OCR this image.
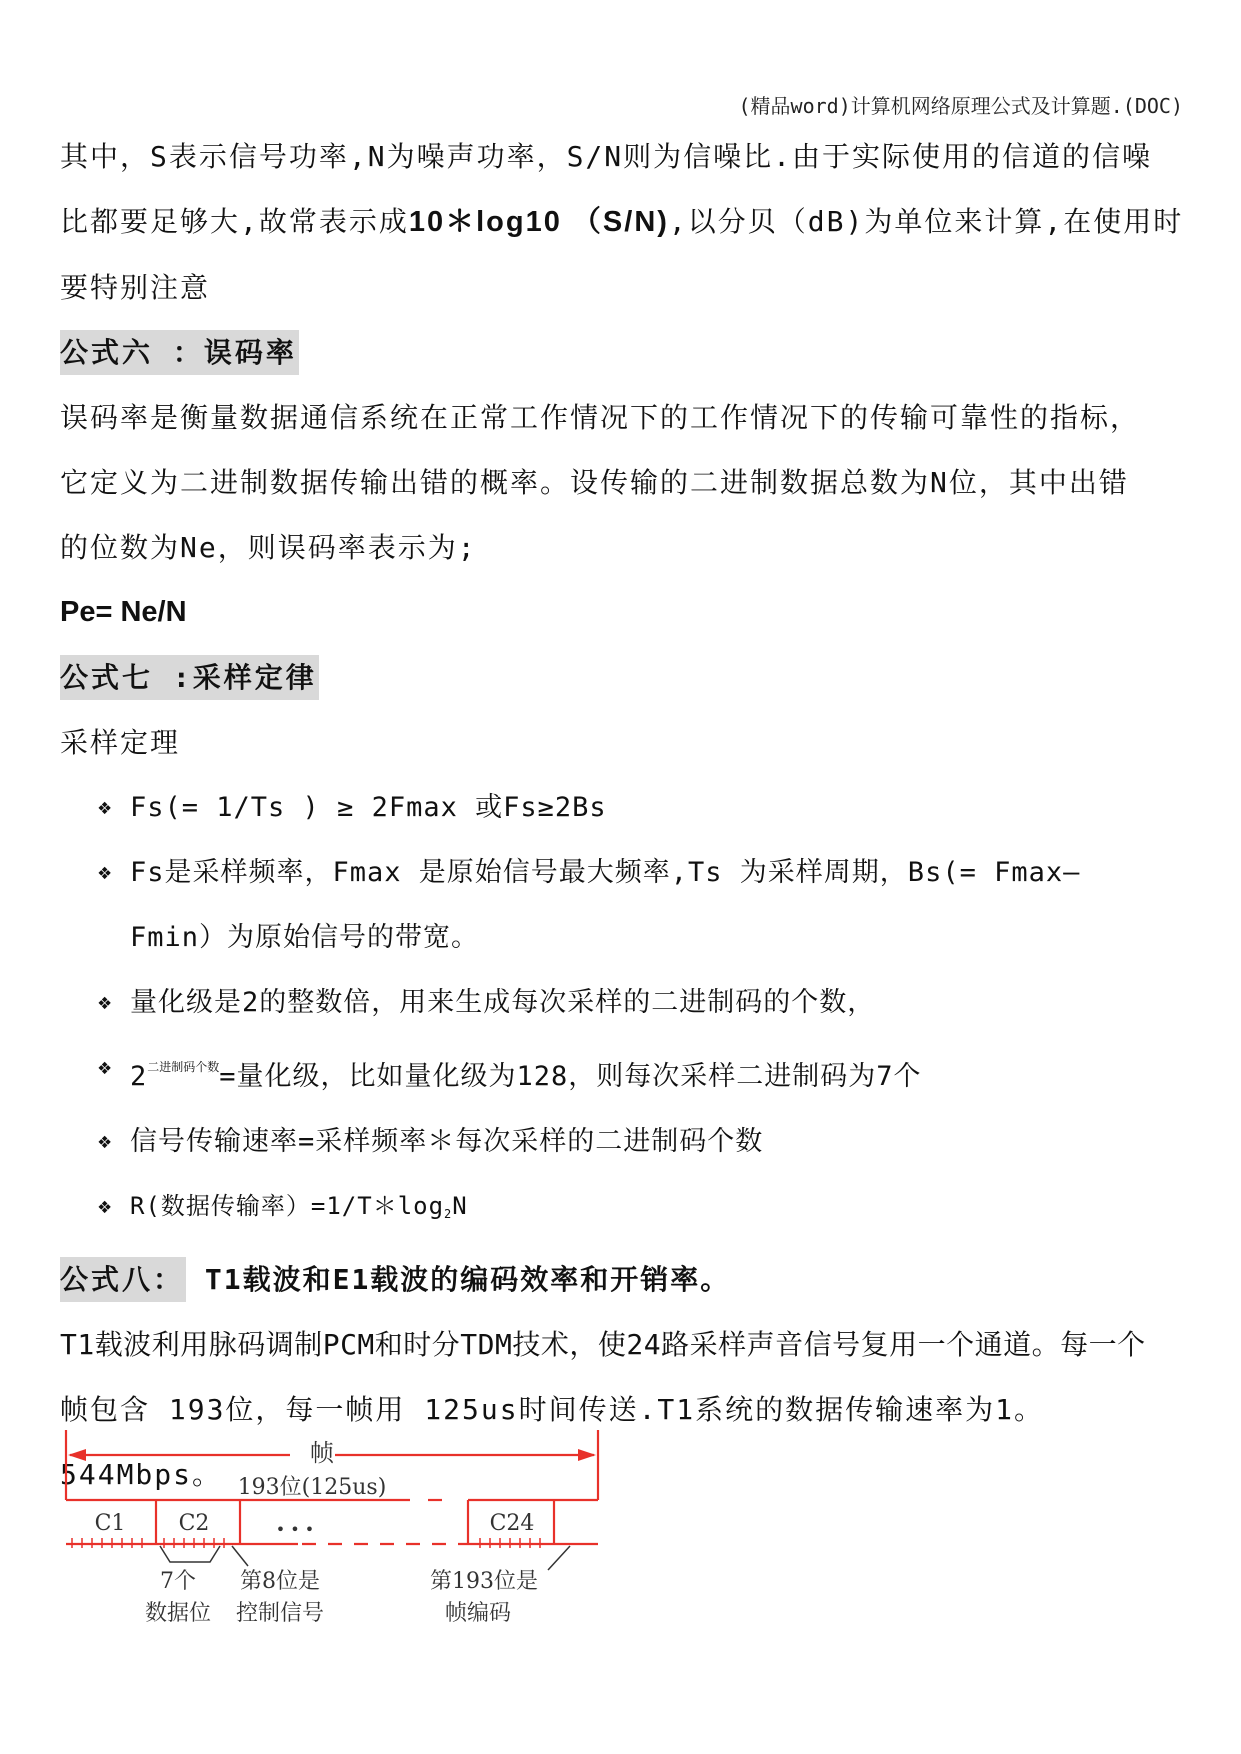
(精品word)计算机网络原理公式及计算题.(DOC)

其中，S表示信号功率,N为噪声功率，S/N则为信噪比.由于实际使用的信道的信噪

比都要足够大,故常表示成10＊log10 （S/N),以分贝（dB)为单位来计算,在使用时

要特别注意

公式六 ：误码率

误码率是衡量数据通信系统在正常工作情况下的工作情况下的传输可靠性的指标，

它定义为二进制数据传输出错的概率。设传输的二进制数据总数为N位，其中出错

的位数为Ne，则误码率表示为;

Pe= Ne/N

公式七 :采样定律

采样定理

❖ Fs(= 1/Ts ) ≥ 2Fmax 或Fs≥2Bs
❖ Fs是采样频率，Fmax 是原始信号最大频率,Ts 为采样周期，Bs(= Fmax—
Fmin）为原始信号的带宽。
❖ 量化级是2的整数倍，用来生成每次采样的二进制码的个数，
❖ $2^{二进制码个数}=$量化级，比如量化级为128，则每次采样二进制码为7个
❖ 信号传输速率=采样频率＊每次采样的二进制码个数
❖ R(数据传输率）$=1/T*\log_2N$

公式八： T1载波和E1载波的编码效率和开销率。

T1载波利用脉码调制PCM和时分TDM技术，使24路采样声音信号复用一个通道。每一个

帧包含 193位，每一帧用 125us时间传送.T1系统的数据传输速率为1。544Mbps。

帧
193位(125us)
C1 C2	• • •	C24
7个
数据位
第8位是
控制信号
第193位是
帧编码
